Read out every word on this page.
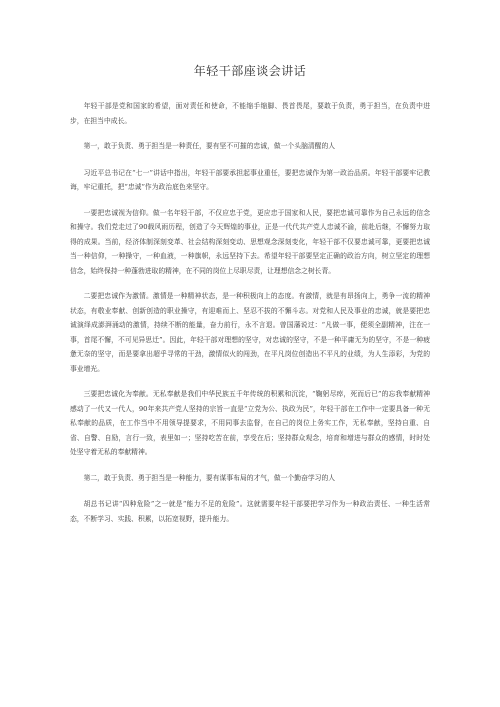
年轻干部座谈会讲话

年轻干部是党和国家的希望，面对责任和使命，不能缩手缩脚、畏首畏尾，要敢于负责，勇于担当，在负责中进步，在担当中成长。

第一，敢于负责、勇于担当是一种责任，要有坚不可摧的忠诚，做一个头脑清醒的人

习近平总书记在“七一”讲话中指出，年轻干部要承担起事业重任，要把忠诚作为第一政治品质。年轻干部要牢记教诲，牢记重托，把“忠诚”作为政治底色来坚守。

一要把忠诚视为信仰。做一名年轻干部，不仅应忠于党，更应忠于国家和人民，要把忠诚可靠作为自己永远的信念和操守。我们党走过了90载风雨历程，创造了今天辉煌的事业，正是一代代共产党人忠诚不渝，前赴后继，不懈努力取得的成果。当前，经济体制深刻变革、社会结构深刻变动、思想观念深刻变化，年轻干部不仅要忠诚可靠，更要把忠诚当一种信仰，一种操守，一种血液，一种旗帜，永远坚持下去。希望年轻干部要坚定正确的政治方向，树立坚定的理想信念，始终保持一种蓬勃进取的精神，在不同的岗位上尽职尽责，让理想信念之树长青。

二要把忠诚作为激情。激情是一种精神状态，是一种积极向上的态度。有激情，就是有昂扬向上，勇争一流的精神状态，有敬业奉献、创新创造的职业操守，有迎难而上、坚忍不拔的不懈斗志。对党和人民及事业的忠诚，就是要把忠诚演绎成澎湃涌动的激情，持续不断的能量，奋力前行，永不言退。曾国藩说过：“凡做一事，便须全副精神，注在一事，首尾不懈，不可见异思迁”。因此，年轻干部对理想的坚守，对忠诚的坚守，不是一种平庸无为的坚守，不是一种疲惫无奈的坚守，而是要拿出超乎寻常的干劲，激情似火的闯劲，在平凡岗位创造出不平凡的业绩，为人生添彩，为党的事业增光。

三要把忠诚化为奉献。无私奉献是我们中华民族五千年传统的积累和沉淀，“鞠躬尽瘁，死而后已”的忘我奉献精神感动了一代又一代人，90年来共产党人坚持的宗旨一直是“立党为公、执政为民”，年轻干部在工作中一定要具备一种无私奉献的品质，在工作当中不用领导提要求，不用同事去监督，在自己的岗位上务实工作，无私奉献，坚持自重、自省、自警、自励，言行一致，表里如一；坚持吃苦在前，享受在后；坚持群众观念，培育和增进与群众的感情，时时处处坚守着无私的奉献精神。

第二，敢于负责、勇于担当是一种能力，要有谋事布局的才气，做一个勤奋学习的人

胡总书记讲“四种危险”之一就是“能力不足的危险”。这就需要年轻干部要把学习作为一种政治责任、一种生活常态，不断学习、实践、积累，以拓宽视野，提升能力。
